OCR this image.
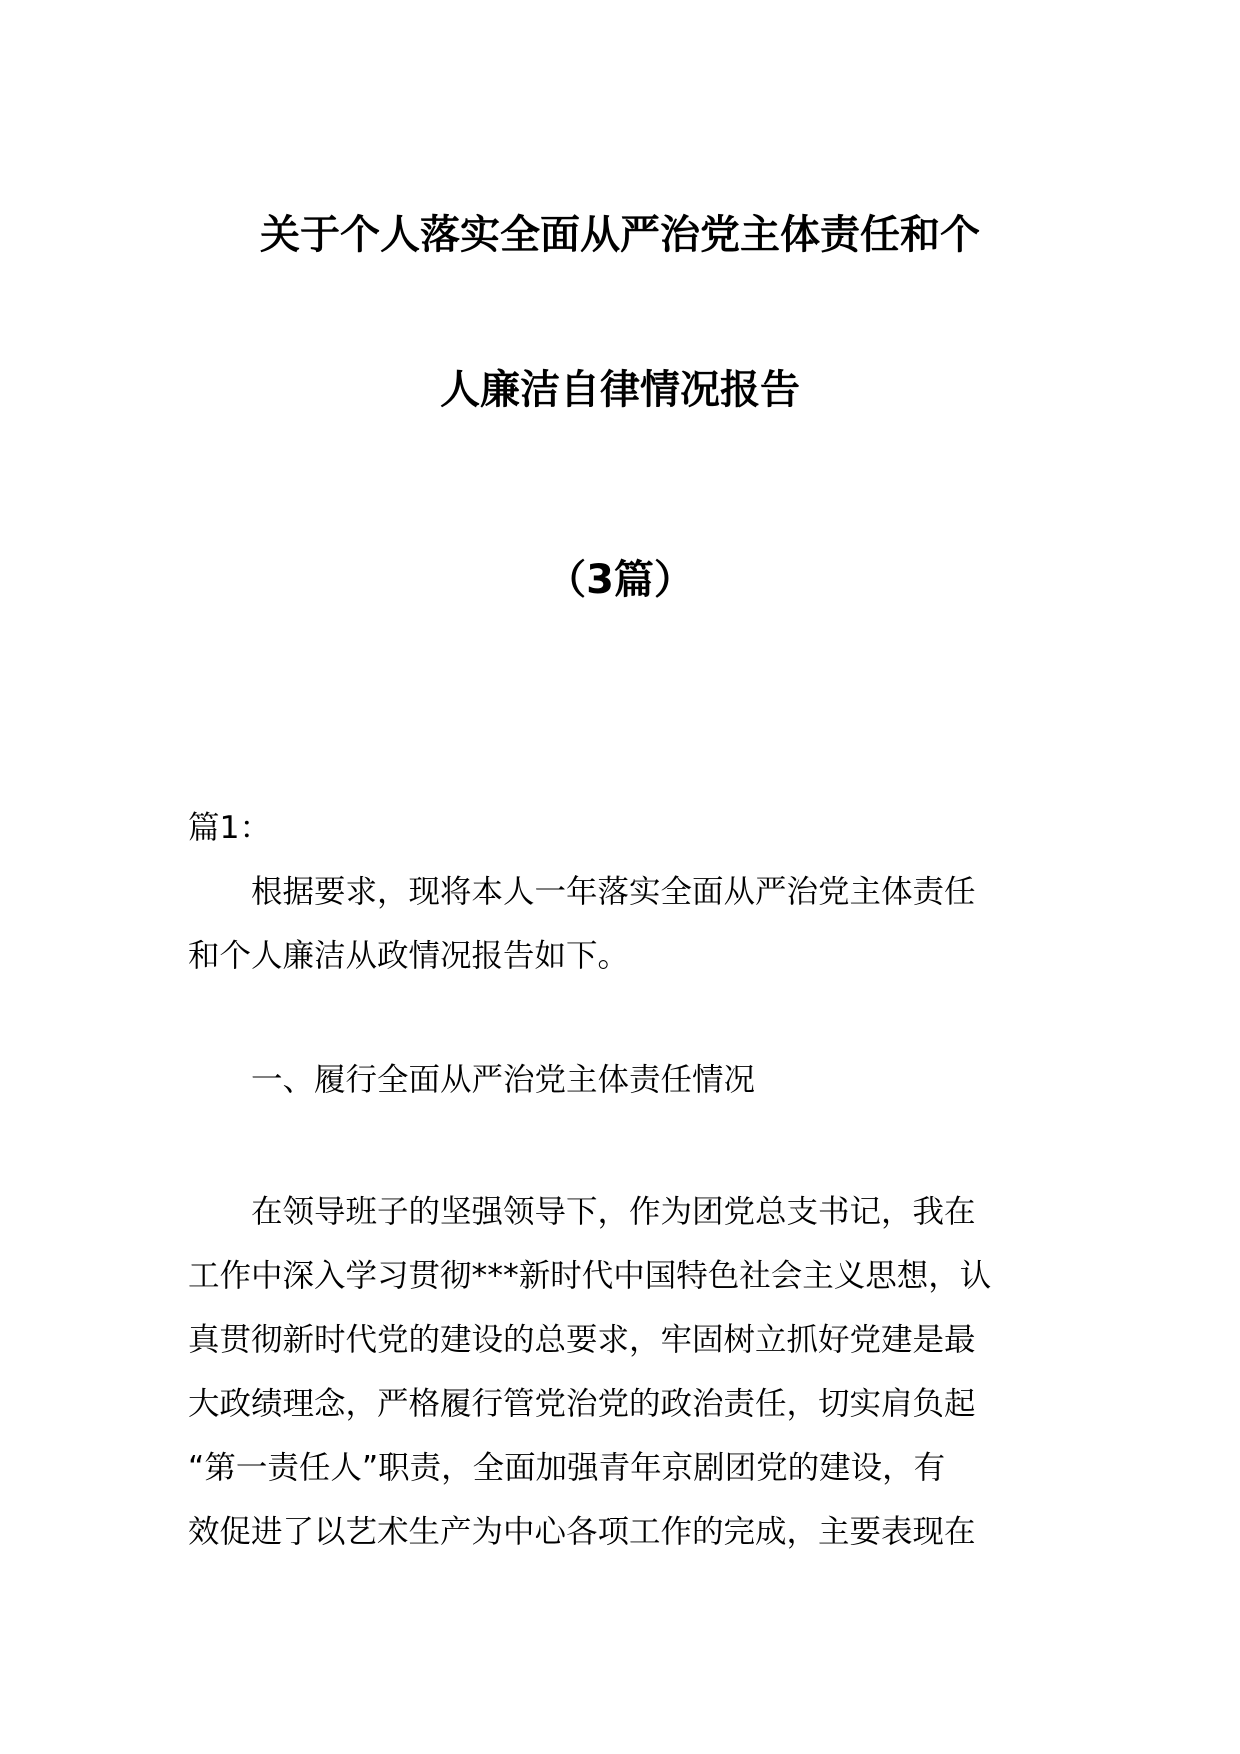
关于个人落实全面从严治党主体责任和个
人廉洁自律情况报告
（3篇）
篇1：
根据要求，现将本人一年落实全面从严治党主体责任
和个人廉洁从政情况报告如下。
一、履行全面从严治党主体责任情况
在领导班子的坚强领导下，作为团党总支书记，我在
工作中深入学习贯彻***新时代中国特色社会主义思想，认
真贯彻新时代党的建设的总要求，牢固树立抓好党建是最
大政绩理念，严格履行管党治党的政治责任，切实肩负起
“第一责任人”职责，全面加强青年京剧团党的建设，有
效促进了以艺术生产为中心各项工作的完成，主要表现在
